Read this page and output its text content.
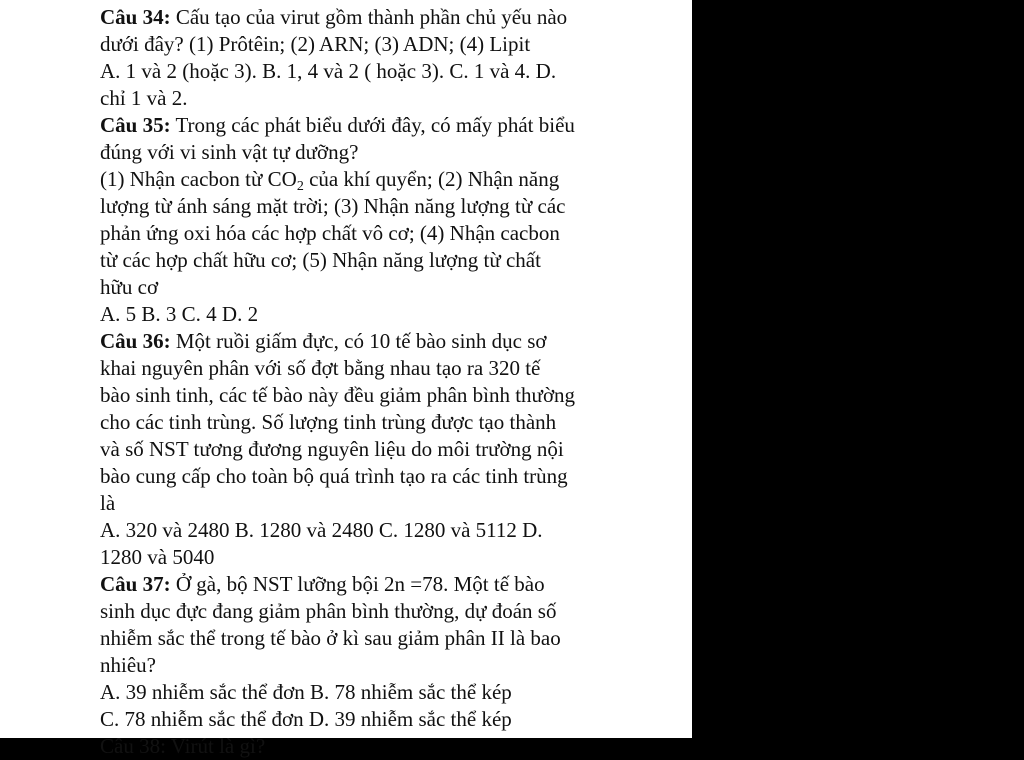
Câu 34: Cấu tạo của virut gồm thành phần chủ yếu nào
dưới đây? (1) Prôtêin; (2) ARN; (3) ADN; (4) Lipit
A. 1 và 2 (hoặc 3). B. 1, 4 và 2 ( hoặc 3). C. 1 và 4. D.
chỉ 1 và 2.
Câu 35: Trong các phát biểu dưới đây, có mấy phát biểu
đúng với vi sinh vật tự dưỡng?
(1) Nhận cacbon từ $CO_2$ của khí quyển; (2) Nhận năng
lượng từ ánh sáng mặt trời; (3) Nhận năng lượng từ các
phản ứng oxi hóa các hợp chất vô cơ; (4) Nhận cacbon
từ các hợp chất hữu cơ; (5) Nhận năng lượng từ chất
hữu cơ
A. 5 B. 3 C. 4 D. 2
Câu 36: Một ruồi giấm đực, có 10 tế bào sinh dục sơ
khai nguyên phân với số đợt bằng nhau tạo ra 320 tế
bào sinh tinh, các tế bào này đều giảm phân bình thường
cho các tinh trùng. Số lượng tinh trùng được tạo thành
và số NST tương đương nguyên liệu do môi trường nội
bào cung cấp cho toàn bộ quá trình tạo ra các tinh trùng
là
A. 320 và 2480 B. 1280 và 2480 C. 1280 và 5112 D.
1280 và 5040
Câu 37: Ở gà, bộ NST lưỡng bội 2n =78. Một tế bào
sinh dục đực đang giảm phân bình thường, dự đoán số
nhiễm sắc thể trong tế bào ở kì sau giảm phân II là bao
nhiêu?
A. 39 nhiễm sắc thể đơn B. 78 nhiễm sắc thể kép
C. 78 nhiễm sắc thể đơn D. 39 nhiễm sắc thể kép
Câu 38: Virút là gì?
